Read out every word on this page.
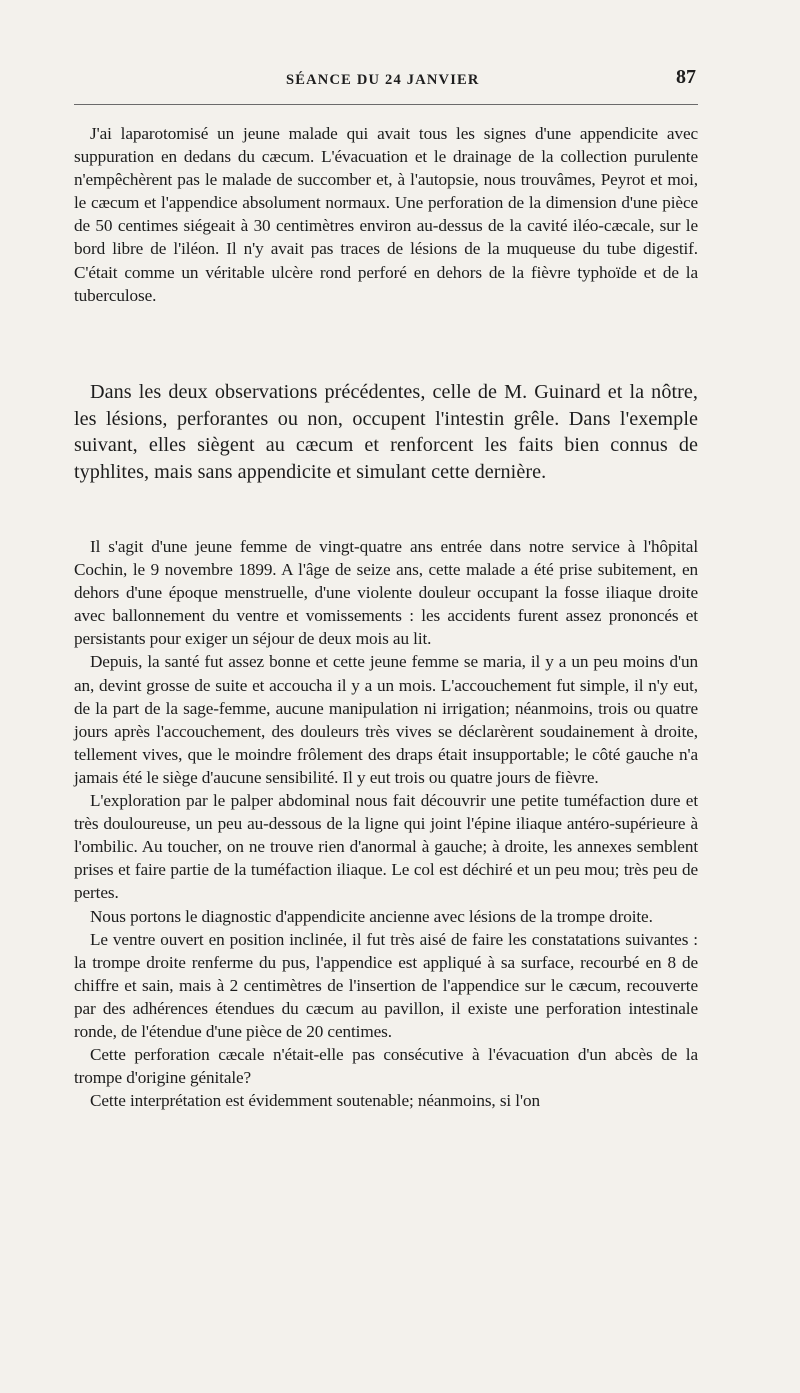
SÉANCE DU 24 JANVIER	87

J'ai laparotomisé un jeune malade qui avait tous les signes d'une appendicite avec suppuration en dedans du cæcum. L'évacuation et le drainage de la collection purulente n'empêchèrent pas le malade de succomber et, à l'autopsie, nous trouvâmes, Peyrot et moi, le cæcum et l'appendice absolument normaux. Une perforation de la dimension d'une pièce de 50 centimes siégeait à 30 centimètres environ au-dessus de la cavité iléo-cæcale, sur le bord libre de l'iléon. Il n'y avait pas traces de lésions de la muqueuse du tube digestif. C'était comme un véritable ulcère rond perforé en dehors de la fièvre typhoïde et de la tuberculose.

Dans les deux observations précédentes, celle de M. Guinard et la nôtre, les lésions, perforantes ou non, occupent l'intestin grêle. Dans l'exemple suivant, elles siègent au cæcum et renforcent les faits bien connus de typhlites, mais sans appendicite et simulant cette dernière.

Il s'agit d'une jeune femme de vingt-quatre ans entrée dans notre service à l'hôpital Cochin, le 9 novembre 1899. A l'âge de seize ans, cette malade a été prise subitement, en dehors d'une époque menstruelle, d'une violente douleur occupant la fosse iliaque droite avec ballonnement du ventre et vomissements : les accidents furent assez prononcés et persistants pour exiger un séjour de deux mois au lit.

Depuis, la santé fut assez bonne et cette jeune femme se maria, il y a un peu moins d'un an, devint grosse de suite et accoucha il y a un mois. L'accouchement fut simple, il n'y eut, de la part de la sage-femme, aucune manipulation ni irrigation; néanmoins, trois ou quatre jours après l'accouchement, des douleurs très vives se déclarèrent soudainement à droite, tellement vives, que le moindre frôlement des draps était insupportable; le côté gauche n'a jamais été le siège d'aucune sensibilité. Il y eut trois ou quatre jours de fièvre.

L'exploration par le palper abdominal nous fait découvrir une petite tuméfaction dure et très douloureuse, un peu au-dessous de la ligne qui joint l'épine iliaque antéro-supérieure à l'ombilic. Au toucher, on ne trouve rien d'anormal à gauche; à droite, les annexes semblent prises et faire partie de la tuméfaction iliaque. Le col est déchiré et un peu mou; très peu de pertes.

Nous portons le diagnostic d'appendicite ancienne avec lésions de la trompe droite.

Le ventre ouvert en position inclinée, il fut très aisé de faire les constatations suivantes : la trompe droite renferme du pus, l'appendice est appliqué à sa surface, recourbé en 8 de chiffre et sain, mais à 2 centimètres de l'insertion de l'appendice sur le cæcum, recouverte par des adhérences étendues du cæcum au pavillon, il existe une perforation intestinale ronde, de l'étendue d'une pièce de 20 centimes.

Cette perforation cæcale n'était-elle pas consécutive à l'évacuation d'un abcès de la trompe d'origine génitale?

Cette interprétation est évidemment soutenable; néanmoins, si l'on
